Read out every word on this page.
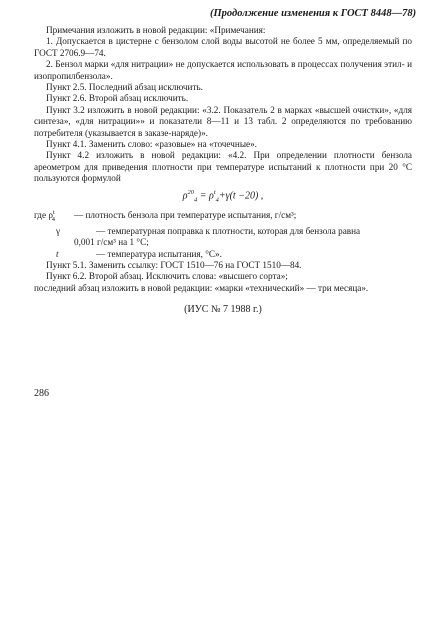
(Продолжение изменения к ГОСТ 8448—78)

Примечания изложить в новой редакции: «Примечания:

1. Допускается в цистерне с бензолом слой воды высотой не более 5 мм, определяемый по ГОСТ 2706.9—74.

2. Бензол марки «для нитрации» не допускается использовать в процессах получения этил- и изопропилбензола».

Пункт 2.5. Последний абзац исключить.

Пункт 2.6. Второй абзац исключить.

Пункт 3.2 изложить в новой редакции: «3.2. Показатель 2 в марках «высшей очистки», «для синтеза», «для нитрации»» и показатели 8—11 и 13 табл. 2 определяются по требованию потребителя (указывается в заказе-наряде)».

Пункт 4.1. Заменить слово: «разовые» на «точечные».

Пункт 4.2 изложить в новой редакции: «4.2. При определении плотности бензола ареометром для приведения плотности при температуре испытаний к плотности при 20 °С пользуются формулой

$\rho^{20}_4 = \rho^t_4+\gamma(t -20)$ ,
где $\rho^t_4$	— плотность бензола при температуре испытания, г/см³;
γ	— температурная поправка к плотности, которая для бензола равна

0,001 г/см³ на 1 °С;

t	— температура испытания, °С».

Пункт 5.1. Заменить ссылку: ГОСТ 1510—76 на ГОСТ 1510—84.

Пункт 6.2. Второй абзац. Исключить слова: «высшего сорта»;

последний абзац изложить в новой редакции: «марки «технический» — три месяца».

(ИУС № 7 1988 г.)

286
